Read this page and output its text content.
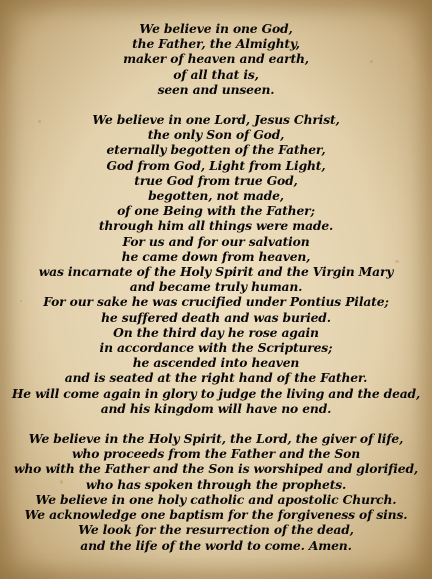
We believe in one God,
the Father, the Almighty,
maker of heaven and earth,
of all that is,
seen and unseen.
We believe in one Lord, Jesus Christ,
the only Son of God,
eternally begotten of the Father,
God from God, Light from Light,
true God from true God,
begotten, not made,
of one Being with the Father;
through him all things were made.
For us and for our salvation
he came down from heaven,
was incarnate of the Holy Spirit and the Virgin Mary
and became truly human.
For our sake he was crucified under Pontius Pilate;
he suffered death and was buried.
On the third day he rose again
in accordance with the Scriptures;
he ascended into heaven
and is seated at the right hand of the Father.
He will come again in glory to judge the living and the dead,
and his kingdom will have no end.
We believe in the Holy Spirit, the Lord, the giver of life,
who proceeds from the Father and the Son
who with the Father and the Son is worshiped and glorified,
who has spoken through the prophets.
We believe in one holy catholic and apostolic Church.
We acknowledge one baptism for the forgiveness of sins.
We look for the resurrection of the dead,
and the life of the world to come. Amen.
